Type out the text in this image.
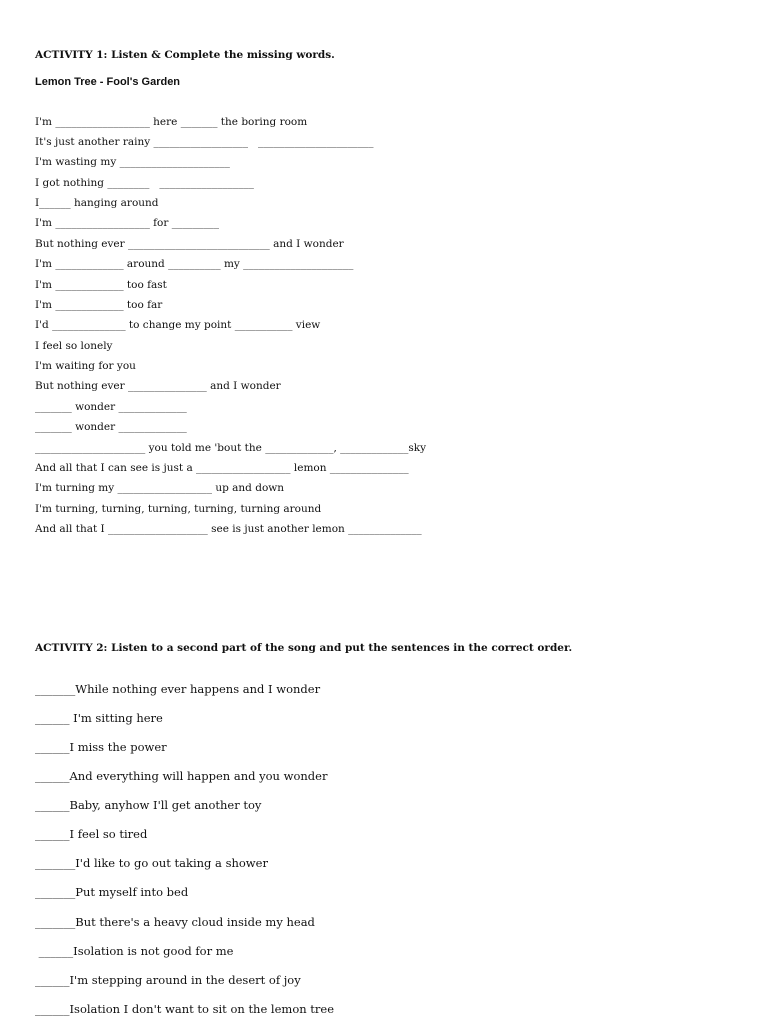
ACTIVITY 1: Listen & Complete the missing words.
Lemon Tree - Fool's Garden
I'm __________________ here _______ the boring room
It's just another rainy __________________   ______________________
I'm wasting my _____________________
I got nothing ________   __________________
I______ hanging around
I'm __________________ for _________
But nothing ever ___________________________ and I wonder
I'm _____________ around __________ my _____________________
I'm _____________ too fast
I'm _____________ too far
I'd ______________ to change my point ___________ view
I feel so lonely
I'm waiting for you
But nothing ever _______________ and I wonder
_______ wonder _____________
_______ wonder _____________
_____________________ you told me 'bout the _____________, _____________sky
And all that I can see is just a __________________ lemon _______________
I'm turning my __________________ up and down
I'm turning, turning, turning, turning, turning around
And all that I ___________________ see is just another lemon ______________
ACTIVITY 2: Listen to a second part of the song and put the sentences in the correct order.
_______While nothing ever happens and I wonder
______ I'm sitting here
______I miss the power
______And everything will happen and you wonder
______Baby, anyhow I'll get another toy
______I feel so tired
_______I'd like to go out taking a shower
_______Put myself into bed
_______But there's a heavy cloud inside my head
______Isolation is not good for me
______I'm stepping around in the desert of joy
______Isolation I don't want to sit on the lemon tree
